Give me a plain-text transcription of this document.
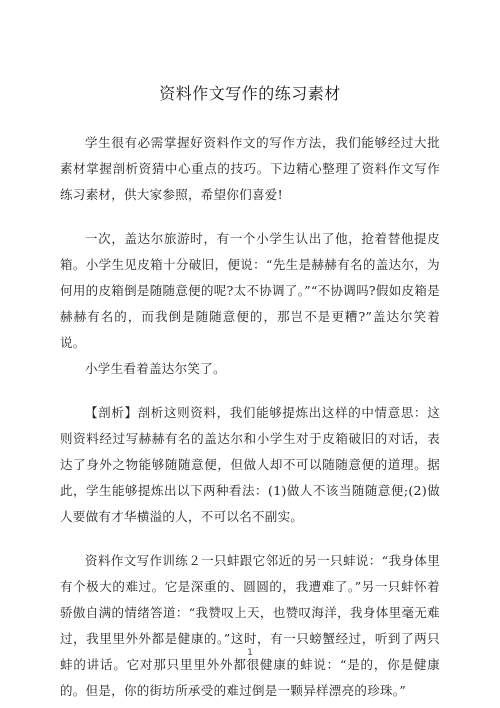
资料作文写作的练习素材

学生很有必需掌握好资料作文的写作方法，我们能够经过大批素材掌握剖析资猜中心重点的技巧。下边精心整理了资料作文写作练习素材，供大家参照，希望你们喜爱!

一次，盖达尔旅游时，有一个小学生认出了他，抢着替他提皮箱。小学生见皮箱十分破旧，便说：“先生是赫赫有名的盖达尔，为何用的皮箱倒是随随意便的呢?太不协调了。”“不协调吗?假如皮箱是赫赫有名的，而我倒是随随意便的，那岂不是更糟?”盖达尔笑着说。

小学生看着盖达尔笑了。

【剖析】剖析这则资料，我们能够提炼出这样的中情意思：这则资料经过写赫赫有名的盖达尔和小学生对于皮箱破旧的对话，表达了身外之物能够随随意便，但做人却不可以随随意便的道理。据此，学生能够提炼出以下两种看法：(1)做人不该当随随意便;(2)做人要做有才华横溢的人，不可以名不副实。

资料作文写作训练２一只蚌跟它邻近的另一只蚌说：“我身体里有个极大的难过。它是深重的、圆圆的，我遭难了。”另一只蚌怀着骄傲自满的情绪答道：“我赞叹上天，也赞叹海洋，我身体里毫无难过，我里里外外都是健康的。”这时，有一只螃蟹经过，听到了两只蚌的讲话。它对那只里里外外都很健康的蚌说：“是的，你是健康的。但是，你的街坊所承受的难过倒是一颗异样漂亮的珍珠。”

1
